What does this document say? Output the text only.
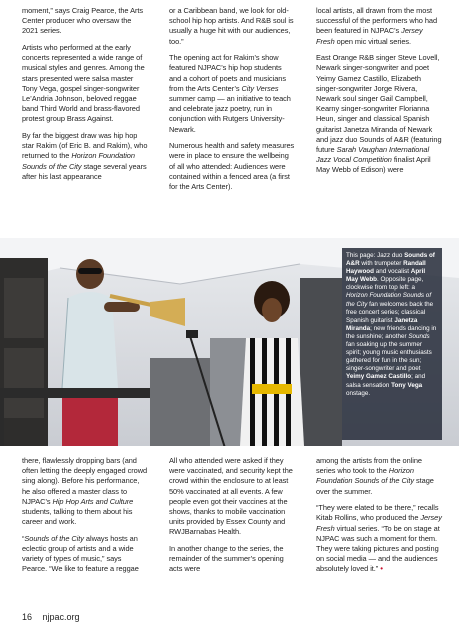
moment,” says Craig Pearce, the Arts Center producer who oversaw the 2021 series.

Artists who performed at the early concerts represented a wide range of musical styles and genres. Among the stars presented were salsa master Tony Vega, gospel singer-songwriter Le’Andria Johnson, beloved reggae band Third World and brass-flavored protest group Brass Against.

By far the biggest draw was hip hop star Rakim (of Eric B. and Rakim), who returned to the Horizon Foundation Sounds of the City stage several years after his last appearance

or a Caribbean band, we look for old-school hip hop artists. And R&B soul is usually a huge hit with our audiences, too.”

The opening act for Rakim’s show featured NJPAC’s hip hop students and a cohort of poets and musicians from the Arts Center’s City Verses summer camp — an initiative to teach and celebrate jazz poetry, run in conjunction with Rutgers University-Newark.

Numerous health and safety measures were in place to ensure the wellbeing of all who attended: Audiences were contained within a fenced area (a first for the Arts Center).

local artists, all drawn from the most successful of the performers who had been featured in NJPAC’s Jersey Fresh open mic virtual series.

East Orange R&B singer Steve Lovell, Newark singer-songwriter and poet Yeimy Gamez Castillo, Elizabeth singer-songwriter Jorge Rivera, Newark soul singer Gail Campbell, Kearny singer-songwriter Florianna Heun, singer and classical Spanish guitarist Janetza Miranda of Newark and jazz duo Sounds of A&R (featuring future Sarah Vaughan International Jazz Vocal Competition finalist April May Webb of Edison) were

This page: Jazz duo Sounds of A&R with trumpeter Randall Haywood and vocalist April May Webb. Opposite page, clockwise from top left: a Horizon Foundation Sounds of the City fan welcomes back the free concert series; classical Spanish guitarist Janetza Miranda; new friends dancing in the sunshine; another Sounds fan soaking up the summer spirit; young music enthusiasts gathered for fun in the sun; singer-songwriter and poet Yeimy Gamez Castillo; and salsa sensation Tony Vega onstage.

there, flawlessly dropping bars (and often letting the deeply engaged crowd sing along). Before his performance, he also offered a master class to NJPAC’s Hip Hop Arts and Culture students, talking to them about his career and work.

“Sounds of the City always hosts an eclectic group of artists and a wide variety of types of music,” says Pearce. “We like to feature a reggae

All who attended were asked if they were vaccinated, and security kept the crowd within the enclosure to at least 50% vaccinated at all events. A few people even got their vaccines at the shows, thanks to mobile vaccination units provided by Essex County and RWJBarnabas Health.

In another change to the series, the remainder of the summer’s opening acts were

among the artists from the online series who took to the Horizon Foundation Sounds of the City stage over the summer.

“They were elated to be there,” recalls Kitab Rollins, who produced the Jersey Fresh virtual series. “To be on stage at NJPAC was such a moment for them. They were taking pictures and posting on social media — and the audiences absolutely loved it.” •

16 njpac.org
